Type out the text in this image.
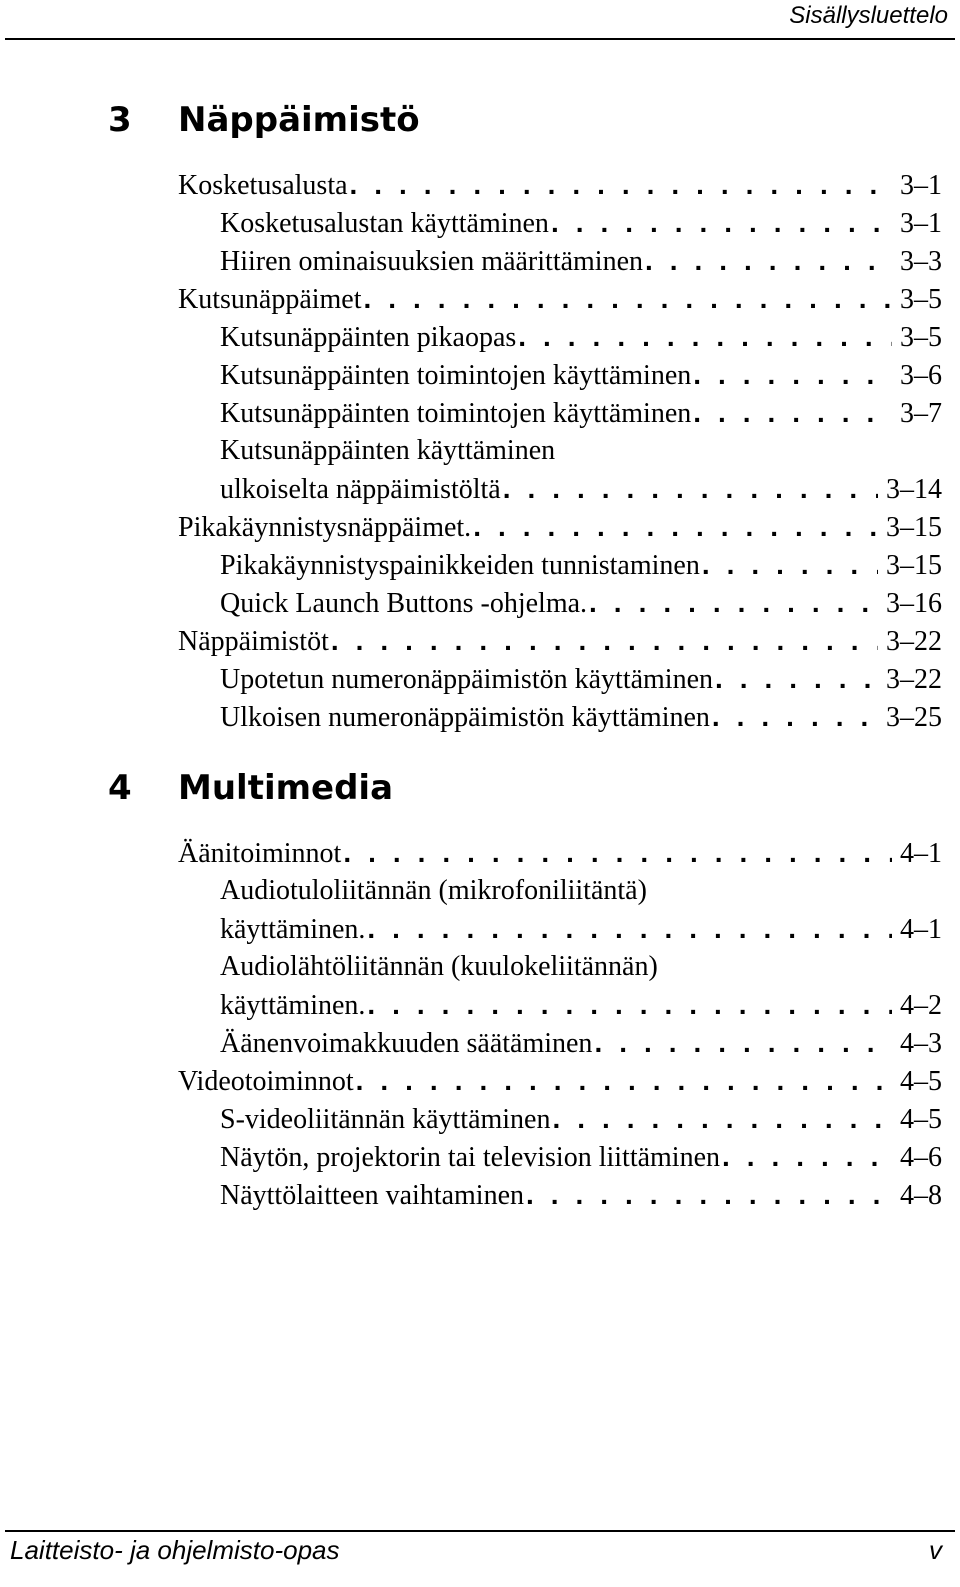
Sisällysluettelo
3 Näppäimistö
Kosketusalusta . . .	3–1
Kosketusalustan käyttäminen . . .	3–1
Hiiren ominaisuuksien määrittäminen . . .	3–3
Kutsunäppäimet . . .	3–5
Kutsunäppäinten pikaopas . . .	3–5
Kutsunäppäinten toimintojen käyttäminen . . .	3–6
Kutsunäppäinten toimintojen käyttäminen . . .	3–7
Kutsunäppäinten käyttäminen
ulkoiselta näppäimistöltä . . .	3–14
Pikakäynnistysnäppäimet. . . .	3–15
Pikakäynnistyspainikkeiden tunnistaminen . . .	3–15
Quick Launch Buttons -ohjelma. . . .	3–16
Näppäimistöt . . .	3–22
Upotetun numeronäppäimistön käyttäminen . . .	3–22
Ulkoisen numeronäppäimistön käyttäminen . . .	3–25
4 Multimedia
Äänitoiminnot . . .	4–1
Audiotuloliitännän (mikrofoniliitäntä)
käyttäminen. . . .	4–1
Audiolähtöliitännän (kuulokeliitännän)
käyttäminen. . . .	4–2
Äänenvoimakkuuden säätäminen . . .	4–3
Videotoiminnot . . .	4–5
S-videoliitännän käyttäminen . . .	4–5
Näytön, projektorin tai television liittäminen . . .	4–6
Näyttölaitteen vaihtaminen . . .	4–8
Laitteisto- ja ohjelmisto-opas	v
